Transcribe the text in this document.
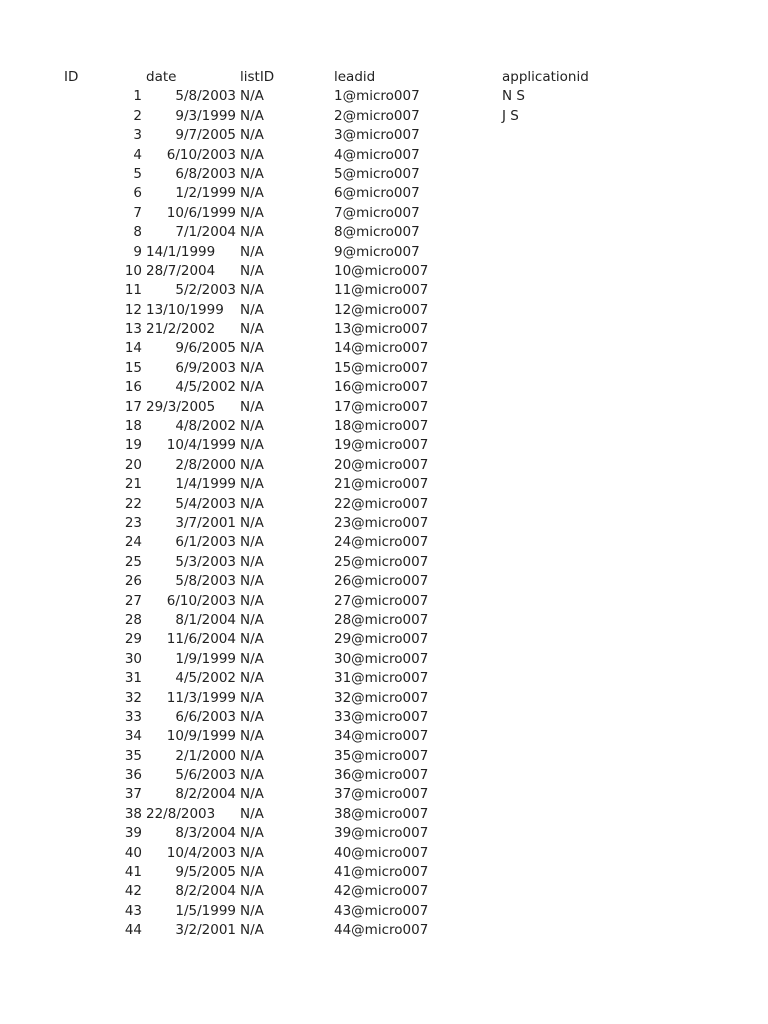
ID	date	listID	leadid	applicationid
1	5/8/2003 N/A	1@micro007	N S
2	9/3/1999 N/A	2@micro007	J S
3	9/7/2005 N/A	3@micro007
4	6/10/2003 N/A	4@micro007
5	6/8/2003 N/A	5@micro007
6	1/2/1999 N/A	6@micro007
7	10/6/1999 N/A	7@micro007
8	7/1/2004 N/A	8@micro007
9 14/1/1999	N/A	9@micro007
10 28/7/2004	N/A	10@micro007
11	5/2/2003 N/A	11@micro007
12 13/10/1999	N/A	12@micro007
13 21/2/2002	N/A	13@micro007
14	9/6/2005 N/A	14@micro007
15	6/9/2003 N/A	15@micro007
16	4/5/2002 N/A	16@micro007
17 29/3/2005	N/A	17@micro007
18	4/8/2002 N/A	18@micro007
19	10/4/1999 N/A	19@micro007
20	2/8/2000 N/A	20@micro007
21	1/4/1999 N/A	21@micro007
22	5/4/2003 N/A	22@micro007
23	3/7/2001 N/A	23@micro007
24	6/1/2003 N/A	24@micro007
25	5/3/2003 N/A	25@micro007
26	5/8/2003 N/A	26@micro007
27	6/10/2003 N/A	27@micro007
28	8/1/2004 N/A	28@micro007
29	11/6/2004 N/A	29@micro007
30	1/9/1999 N/A	30@micro007
31	4/5/2002 N/A	31@micro007
32	11/3/1999 N/A	32@micro007
33	6/6/2003 N/A	33@micro007
34	10/9/1999 N/A	34@micro007
35	2/1/2000 N/A	35@micro007
36	5/6/2003 N/A	36@micro007
37	8/2/2004 N/A	37@micro007
38 22/8/2003	N/A	38@micro007
39	8/3/2004 N/A	39@micro007
40	10/4/2003 N/A	40@micro007
41	9/5/2005 N/A	41@micro007
42	8/2/2004 N/A	42@micro007
43	1/5/1999 N/A	43@micro007
44	3/2/2001 N/A	44@micro007
